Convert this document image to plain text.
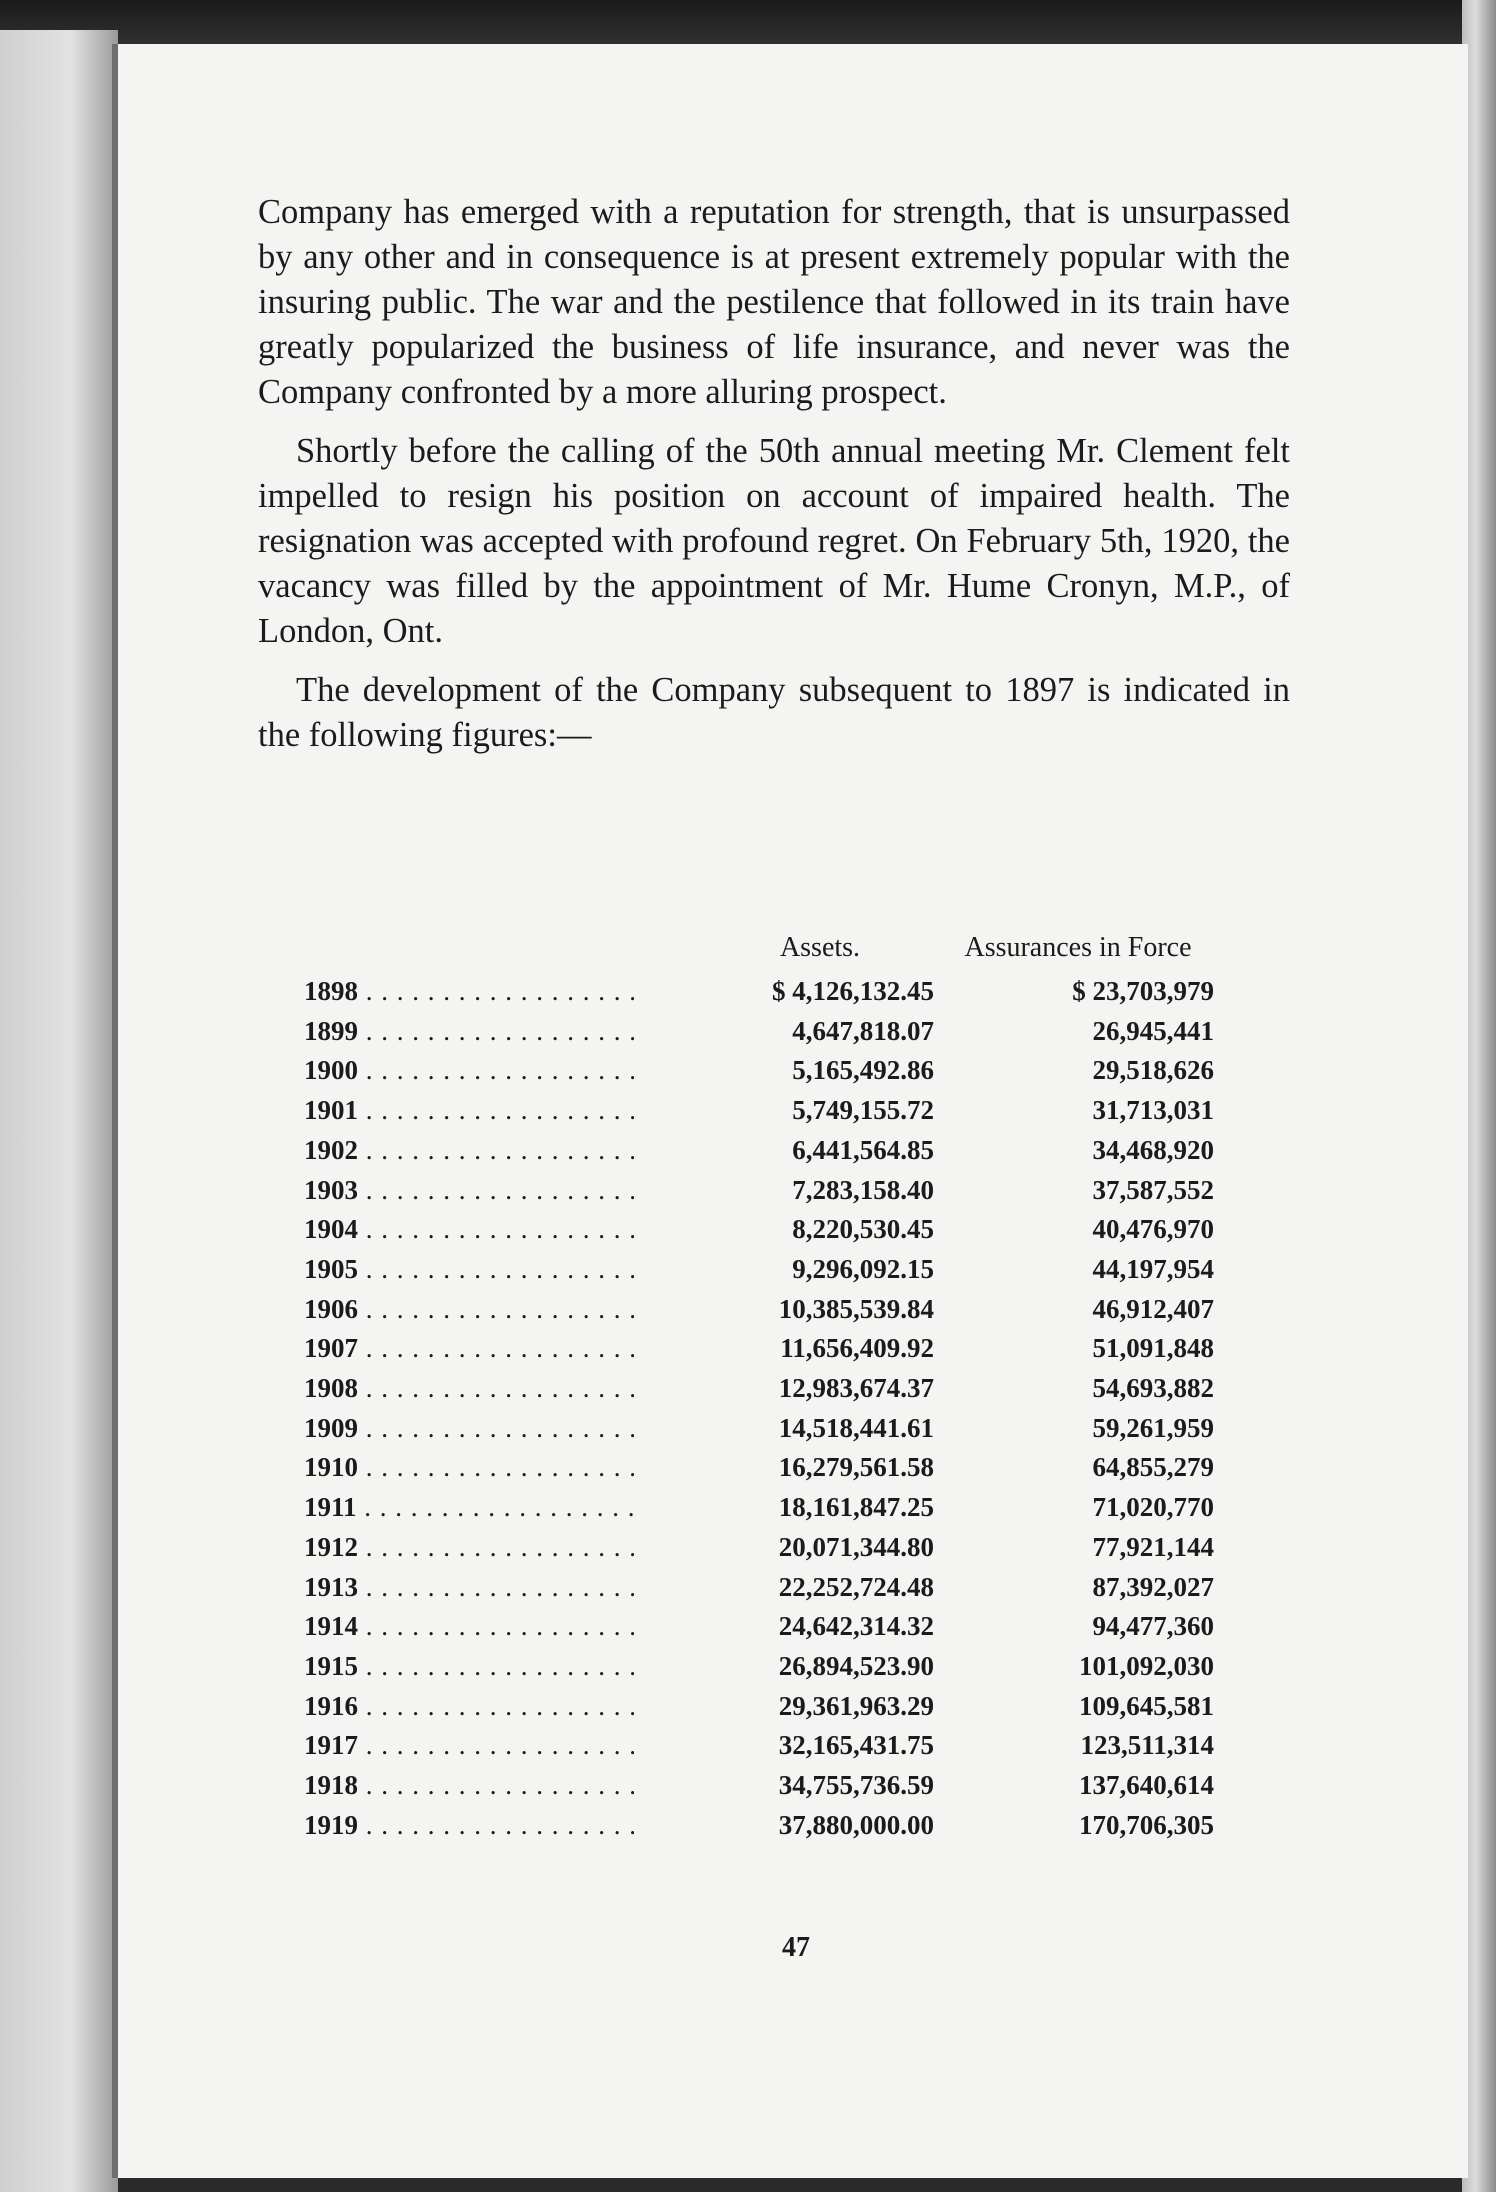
Company has emerged with a reputation for strength, that is unsurpassed by any other and in consequence is at present extremely popular with the insuring public. The war and the pestilence that followed in its train have greatly popularized the business of life insurance, and never was the Company confronted by a more alluring prospect.

Shortly before the calling of the 50th annual meeting Mr. Clement felt impelled to resign his position on account of impaired health. The resignation was accepted with profound regret. On February 5th, 1920, the vacancy was filled by the appointment of Mr. Hume Cronyn, M.P., of London, Ont.

The development of the Company subsequent to 1897 is indicated in the following figures:—

Assets.	Assurances in Force
1898 . . .	$ 4,126,132.45	$ 23,703,979
1899 . . .	4,647,818.07	26,945,441
1900 . . .	5,165,492.86	29,518,626
1901 . . .	5,749,155.72	31,713,031
1902 . . .	6,441,564.85	34,468,920
1903 . . .	7,283,158.40	37,587,552
1904 . . .	8,220,530.45	40,476,970
1905 . . .	9,296,092.15	44,197,954
1906 . . .	10,385,539.84	46,912,407
1907 . . .	11,656,409.92	51,091,848
1908 . . .	12,983,674.37	54,693,882
1909 . . .	14,518,441.61	59,261,959
1910 . . .	16,279,561.58	64,855,279
1911 . . .	18,161,847.25	71,020,770
1912 . . .	20,071,344.80	77,921,144
1913 . . .	22,252,724.48	87,392,027
1914 . . .	24,642,314.32	94,477,360
1915 . . .	26,894,523.90	101,092,030
1916 . . .	29,361,963.29	109,645,581
1917 . . .	32,165,431.75	123,511,314
1918 . . .	34,755,736.59	137,640,614
1919 . . .	37,880,000.00	170,706,305
47
